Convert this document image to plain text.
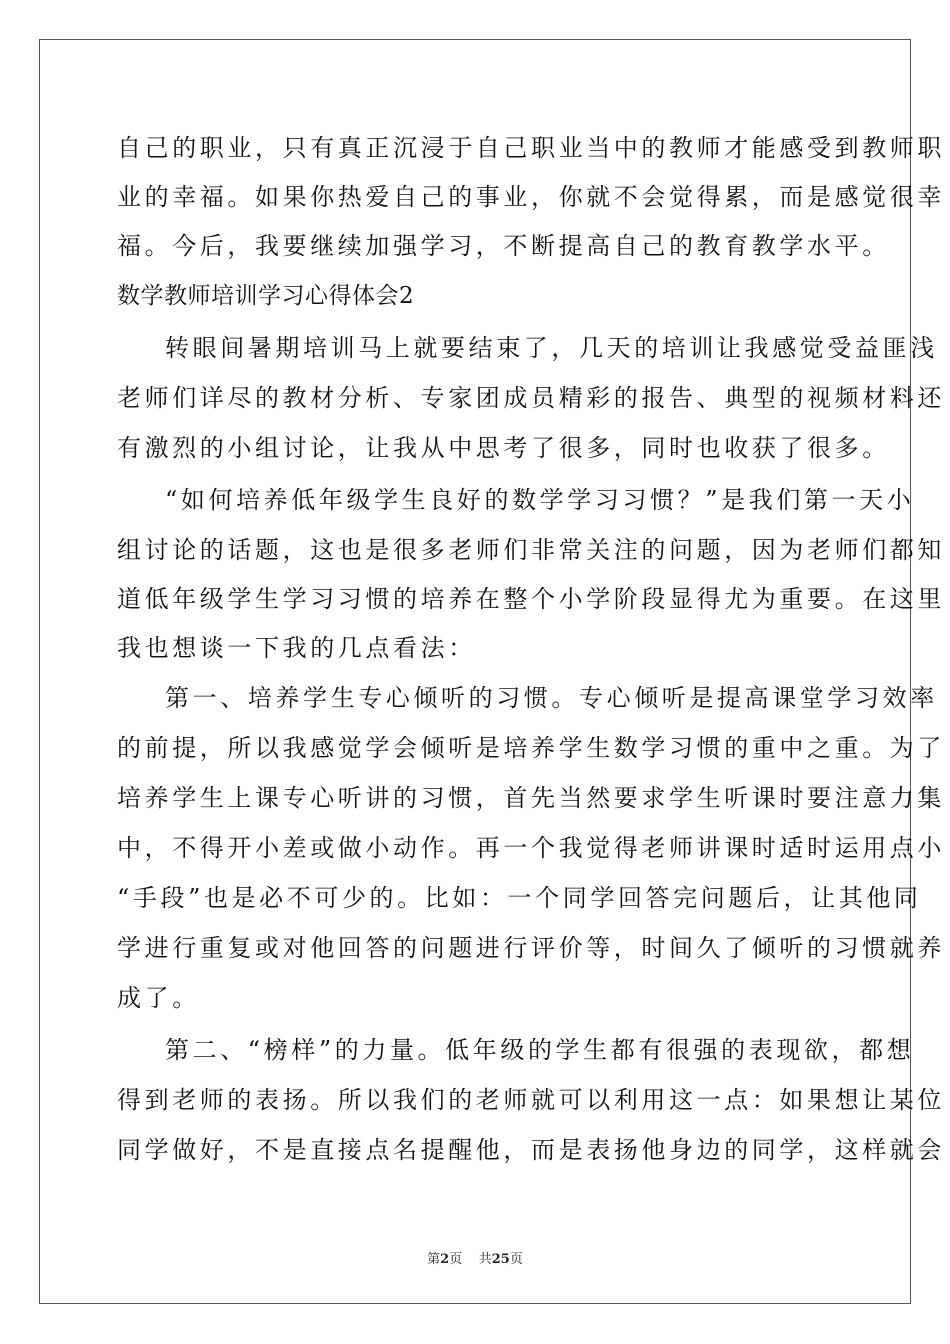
自己的职业，只有真正沉浸于自己职业当中的教师才能感受到教师职
业的幸福。如果你热爱自己的事业，你就不会觉得累，而是感觉很幸
福。今后，我要继续加强学习，不断提高自己的教育教学水平。
数学教师培训学习心得体会2
转眼间暑期培训马上就要结束了，几天的培训让我感觉受益匪浅
老师们详尽的教材分析、专家团成员精彩的报告、典型的视频材料还
有激烈的小组讨论，让我从中思考了很多，同时也收获了很多。
“如何培养低年级学生良好的数学学习习惯？”是我们第一天小
组讨论的话题，这也是很多老师们非常关注的问题，因为老师们都知
道低年级学生学习习惯的培养在整个小学阶段显得尤为重要。在这里
我也想谈一下我的几点看法：
第一、培养学生专心倾听的习惯。专心倾听是提高课堂学习效率
的前提，所以我感觉学会倾听是培养学生数学习惯的重中之重。为了
培养学生上课专心听讲的习惯，首先当然要求学生听课时要注意力集
中，不得开小差或做小动作。再一个我觉得老师讲课时适时运用点小
“手段”也是必不可少的。比如：一个同学回答完问题后，让其他同
学进行重复或对他回答的问题进行评价等，时间久了倾听的习惯就养
成了。
第二、“榜样”的力量。低年级的学生都有很强的表现欲，都想
得到老师的表扬。所以我们的老师就可以利用这一点：如果想让某位
同学做好，不是直接点名提醒他，而是表扬他身边的同学，这样就会
第2页 共25页
